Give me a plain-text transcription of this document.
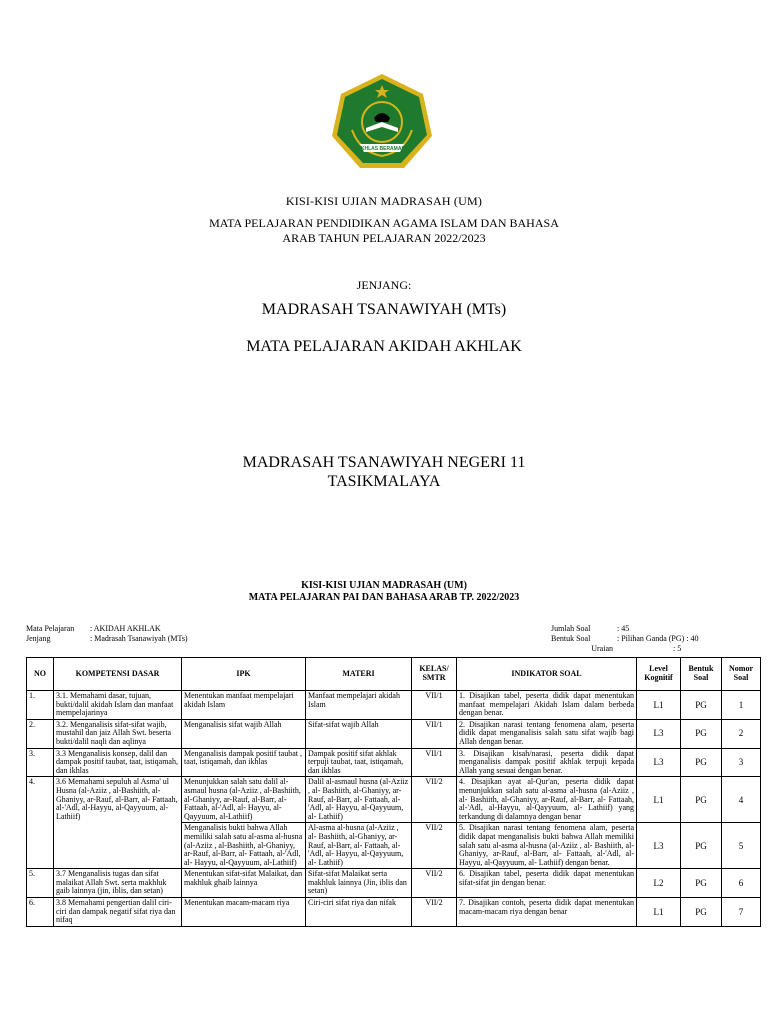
IKHLAS BERAMAL
KISI-KISI UJIAN MADRASAH (UM)
MATA PELAJARAN PENDIDIKAN AGAMA ISLAM DAN BAHASA
ARAB TAHUN PELAJARAN 2022/2023
JENJANG:
MADRASAH TSANAWIYAH (MTs)
MATA PELAJARAN AKIDAH AKHLAK
MADRASAH TSANAWIYAH NEGERI 11
TASIKMALAYA
KISI-KISI UJIAN MADRASAH (UM)
MATA PELAJARAN PAI DAN BAHASA ARAB TP. 2022/2023
Mata Pelajaran : AKIDAH AKHLAK
Jenjang	: Madrasah Tsanawiyah (MTs)
Jumlah Soal	: 45
Bentuk Soal	: Pilihan Ganda (PG) : 40
Uraian	: 5
NO	KOMPETENSI DASAR	IPK	MATERI	KELAS/ SMTR	INDIKATOR SOAL	Level Kognitif	Bentuk Soal	Nomor Soal
1.	3.1. Memahami dasar, tujuan, bukti/dalil akidah Islam dan manfaat mempelajarinya	Menentukan manfaat mempelajari akidah Islam	Manfaat mempelajari akidah Islam	VII/1	1. Disajikan tabel, peserta didik dapat menentukan manfaat mempelajari Akidah Islam dalam berbeda dengan benar.	L1	PG	1
2.	3.2. Menganalisis sifat-sifat wajib, mustahil dan jaiz Allah Swt. beserta bukti/dalil naqli dan aqlinya	Menganalisis sifat wajib Allah	Sifat-sifat wajib Allah	VII/1	2. Disajikan narasi tentang fenomena alam, peserta didik dapat menganalisis salah satu sifat wajib bagi Allah dengan benar.	L3	PG	2
3.	3.3 Menganalisis konsep, dalil dan dampak positif taubat, taat, istiqamah, dan ikhlas	Menganalisis dampak positif taubat , taat, istiqamah, dan ikhlas	Dampak positif sifat akhlak terpuji taubat, taat, istiqamah, dan ikhlas	VII/1	3. Disajikan kisah/narasi, peserta didik dapat menganalisis dampak positif akhlak terpuji kepada Allah yang sesuai dengan benar.	L3	PG	3
4.	3.6 Memahami sepuluh al Asma' ul Husna (al-Aziiz , al-Bashiith, al-Ghaniyy, ar-Rauf, al-Barr, al- Fattaah, al-'Adl, al-Hayyu, al-Qayyuum, al-Lathiif)	Menunjukkan salah satu dalil al-asmaul husna (al-Aziiz , al-Bashiith, al-Ghaniyy, ar-Rauf, al-Barr, al- Fattaah, al-'Adl, al- Hayyu, al-Qayyuum, al-Lathiif)	Dalil al-asmaul husna (al-Aziiz , al- Bashiith, al-Ghaniyy, ar-Rauf, al-Barr, al- Fattaah, al-'Adl, al- Hayyu, al-Qayyuum, al- Lathiif)	VII/2	4. Disajikan ayat al-Qur'an, peserta didik dapat menunjukkan salah satu al-asma al-husna (al-Aziiz , al- Bashiith, al-Ghaniyy, ar-Rauf, al-Barr, al- Fattaah, al-'Adl, al-Hayyu, al-Qayyuum, al- Lathiif) yang terkandung di dalamnya dengan benar	L1	PG	4
		Menganalisis bukti bahwa Allah memiliki salah satu al-asma al-husna (al-Aziiz , al-Bashiith, al-Ghaniyy, ar-Rauf, al-Barr, al- Fattaah, al-'Adl, al- Hayyu, al-Qayyuum, al-Lathiif)	Al-asma al-husna (al-Aziiz , al- Bashiith, al-Ghaniyy, ar-Rauf, al-Barr, al- Fattaah, al-'Adl, al- Hayyu, al-Qayyuum, al- Lathiif)	VII/2	5. Disajikan narasi tentang fenomena alam, peserta didik dapat menganalisis bukti bahwa Allah memiliki salah satu al-asma al-husna (al-Aziiz , al- Bashiith, al-Ghaniyy, ar-Rauf, al-Barr, al- Fattaah, al-'Adl, al-Hayyu, al-Qayyuum, al- Lathiif) dengan benar.	L3	PG	5
5.	3.7 Menganalisis tugas dan sifat malaikat Allah Swt. serta makhluk gaib lainnya (jin, iblis, dan setan)	Menentukan sifat-sifat Malaikat, dan makhluk ghaib lainnya	Sifat-sifat Malaikat serta makhluk lainnya (Jin, iblis dan setan)	VII/2	6. Disajikan tabel, peserta didik dapat menentukan sifat-sifat jin dengan benar.	L2	PG	6
6.	3.8 Memahami pengertian dalil ciri-ciri dan dampak negatif sifat riya dan nifaq	Menentukan macam-macam riya	Ciri-ciri sifat riya dan nifak	VII/2	7. Disajikan contoh, peserta didik dapat menentukan macam-macam riya dengan benar	L1	PG	7
